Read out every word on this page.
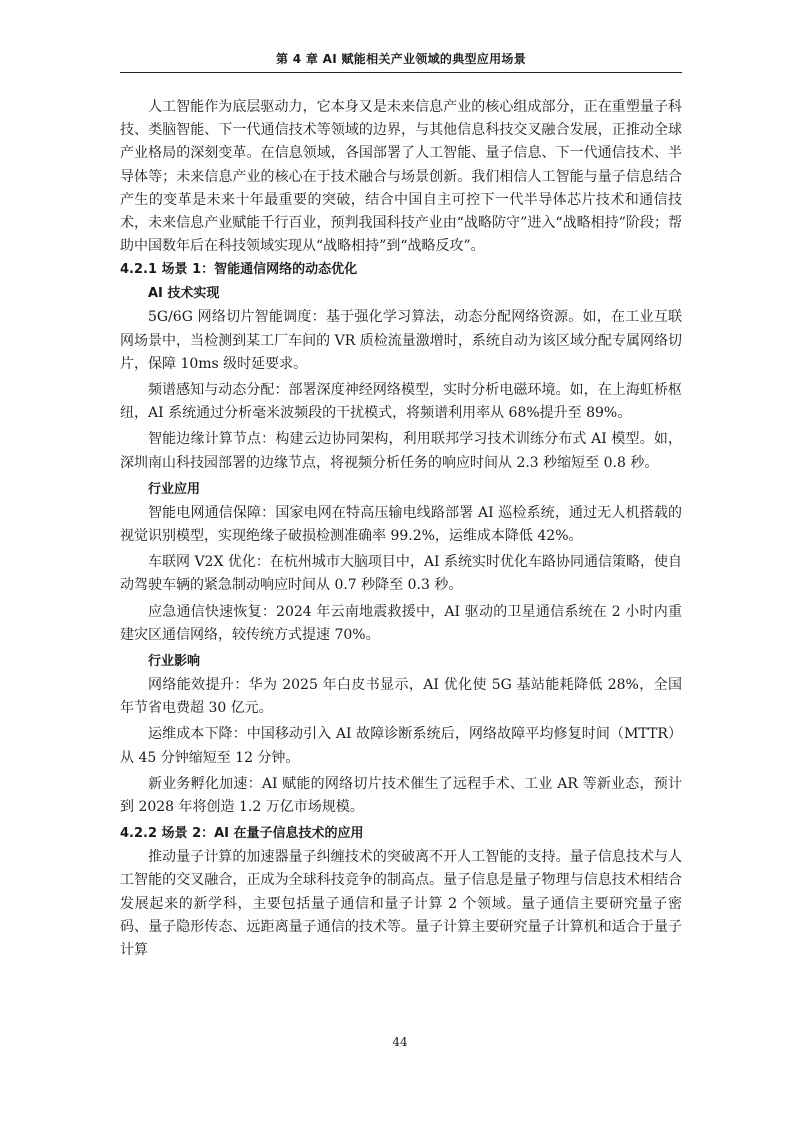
第 4 章 AI 赋能相关产业领域的典型应用场景

人工智能作为底层驱动力，它本身又是未来信息产业的核心组成部分，正在重塑量子科技、类脑智能、下一代通信技术等领域的边界，与其他信息科技交叉融合发展，正推动全球产业格局的深刻变革。在信息领域，各国部署了人工智能、量子信息、下一代通信技术、半导体等；未来信息产业的核心在于技术融合与场景创新。我们相信人工智能与量子信息结合产生的变革是未来十年最重要的突破，结合中国自主可控下一代半导体芯片技术和通信技术，未来信息产业赋能千行百业，预判我国科技产业由“战略防守”进入“战略相持”阶段；帮助中国数年后在科技领域实现从“战略相持”到“战略反攻”。

4.2.1 场景 1：智能通信网络的动态优化
AI 技术实现

5G/6G 网络切片智能调度：基于强化学习算法，动态分配网络资源。如，在工业互联网场景中，当检测到某工厂车间的 VR 质检流量激增时，系统自动为该区域分配专属网络切片，保障 10ms 级时延要求。

频谱感知与动态分配：部署深度神经网络模型，实时分析电磁环境。如，在上海虹桥枢纽，AI 系统通过分析毫米波频段的干扰模式，将频谱利用率从 68%提升至 89%。

智能边缘计算节点：构建云边协同架构，利用联邦学习技术训练分布式 AI 模型。如，深圳南山科技园部署的边缘节点，将视频分析任务的响应时间从 2.3 秒缩短至 0.8 秒。

行业应用

智能电网通信保障：国家电网在特高压输电线路部署 AI 巡检系统，通过无人机搭载的视觉识别模型，实现绝缘子破损检测准确率 99.2%，运维成本降低 42%。

车联网 V2X 优化：在杭州城市大脑项目中，AI 系统实时优化车路协同通信策略，使自动驾驶车辆的紧急制动响应时间从 0.7 秒降至 0.3 秒。

应急通信快速恢复：2024 年云南地震救援中，AI 驱动的卫星通信系统在 2 小时内重建灾区通信网络，较传统方式提速 70%。

行业影响

网络能效提升：华为 2025 年白皮书显示，AI 优化使 5G 基站能耗降低 28%，全国年节省电费超 30 亿元。

运维成本下降：中国移动引入 AI 故障诊断系统后，网络故障平均修复时间（MTTR）从 45 分钟缩短至 12 分钟。

新业务孵化加速：AI 赋能的网络切片技术催生了远程手术、工业 AR 等新业态，预计到 2028 年将创造 1.2 万亿市场规模。

4.2.2 场景 2：AI 在量子信息技术的应用

推动量子计算的加速器量子纠缠技术的突破离不开人工智能的支持。量子信息技术与人工智能的交叉融合，正成为全球科技竞争的制高点。量子信息是量子物理与信息技术相结合发展起来的新学科，主要包括量子通信和量子计算 2 个领域。量子通信主要研究量子密码、量子隐形传态、远距离量子通信的技术等。量子计算主要研究量子计算机和适合于量子计算

44
